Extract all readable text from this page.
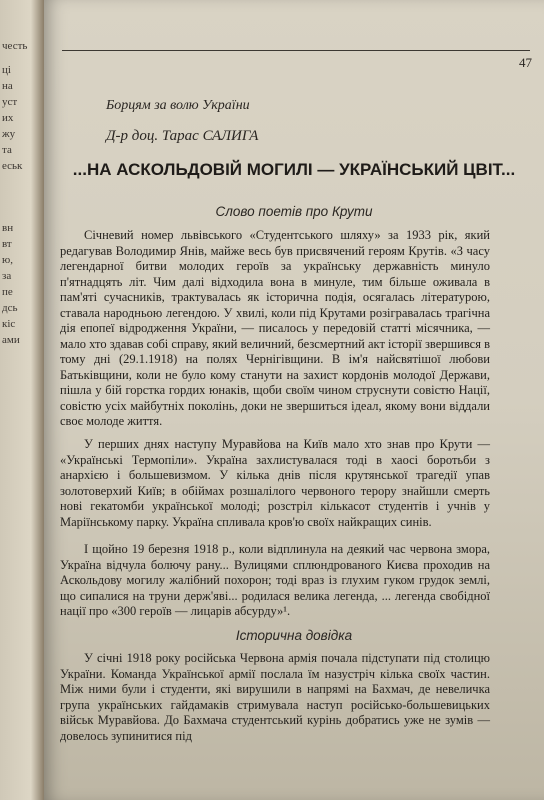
честь
ці
на
уст
их
жу
та
еськ
вн
вт
ю,
за
пе
дсь
кіс
ами
47
Борцям за волю України
Д-р доц. Тарас САЛИГА
...НА АСКОЛЬДОВІЙ МОГИЛІ — УКРАЇНСЬКИЙ ЦВІТ...
Слово поетів про Крути
Січневий номер львівського «Студентського шляху» за 1933 рік, який редагував Володимир Янів, майже весь був присвячений героям Крутів. «З часу легендарної битви молодих героїв за українську державність минуло п'ятнадцять літ. Чим далі відходила вона в минуле, тим більше оживала в пам'яті сучасників, трактувалась як історична подія, осягалась літературою, ставала народньою легендою. У хвилі, коли під Крутами розігравалась трагічна дія епопеї відродження України, — писалось у передовій статті місячника, — мало хто здавав собі справу, який величний, безсмертний акт історії звершився в тому дні (29.1.1918) на полях Чернігівщини. В ім'я найсвятішої любови Батьківщини, коли не було кому станути на захист кордонів молодої Держави, пішла у бій горстка гордих юнаків, щоби своїм чином струснути совістю Нації, совістю усіх майбутніх поколінь, доки не звершиться ідеал, якому вони віддали своє молоде життя.
У перших днях наступу Муравйова на Київ мало хто знав про Крути — «Українські Термопіли». Україна захлистувалася тоді в хаосі боротьби з анархією і большевизмом. У кілька днів після крутянської трагедії упав золотоверхий Київ; в обіймах розшалілого червоного терору знайшли смерть нові гекатомби української молоді; розстріл кількасот студентів і учнів у Маріїнському парку. Україна спливала кров'ю своїх найкращих синів.
І щойно 19 березня 1918 р., коли відплинула на деякий час червона змора, Україна відчула болючу рану... Вулицями сплюндрованого Києва проходив на Аскольдову могилу жалібний похорон; тоді враз із глухим гуком грудок землі, що сипалися на труни держ'яві... родилася велика легенда, ... легенда свобідної нації про «300 героїв — лицарів абсурду»¹.
Історична довідка
У січні 1918 року російська Червона армія почала підступати під столицю України. Команда Української армії послала їм назустріч кілька своїх частин. Між ними були і студенти, які вирушили в напрямі на Бахмач, де невеличка група українських гайдамаків стримувала наступ російсько-большевицьких військ Муравйова. До Бахмача студентський курінь добратись уже не зумів — довелось зупинитися під
